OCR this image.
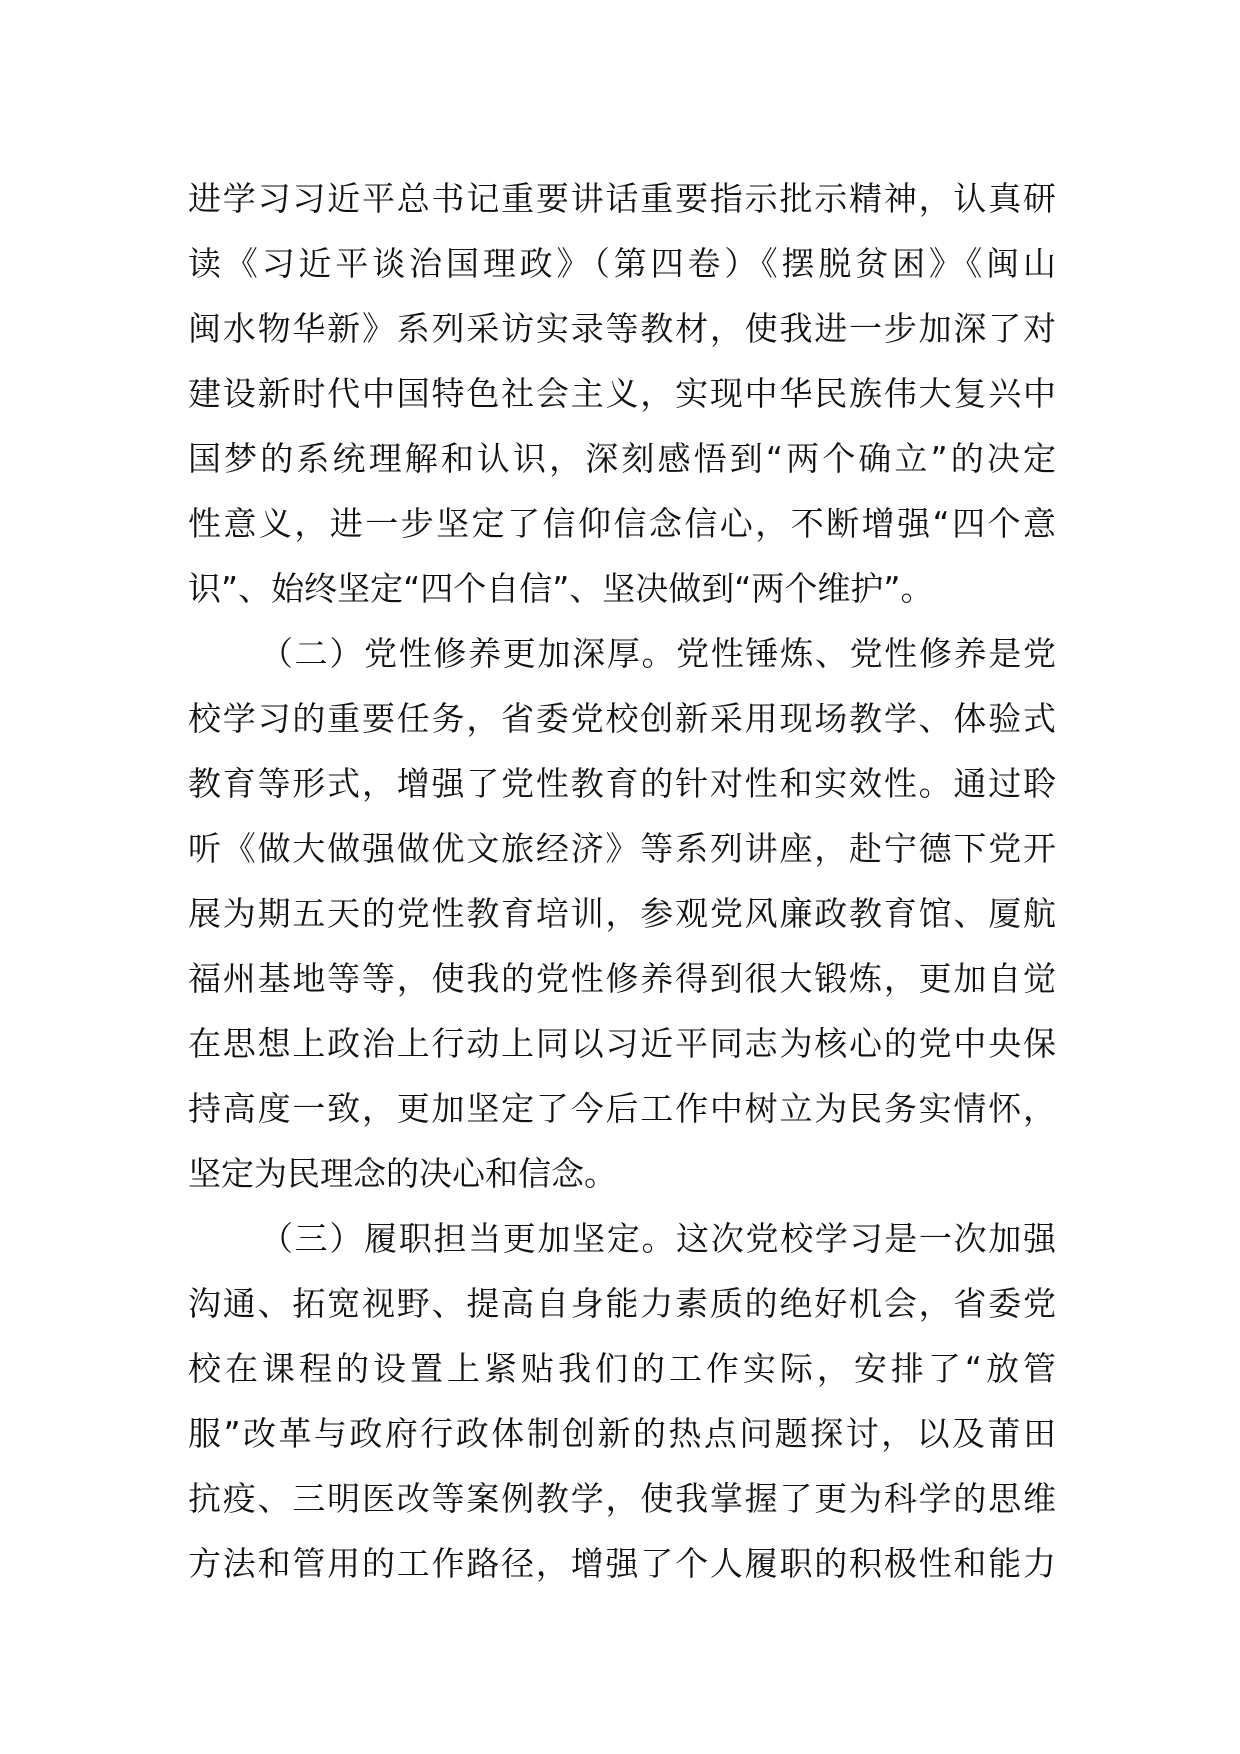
进学习习近平总书记重要讲话重要指示批示精神，认真研
读《习近平谈治国理政》（第四卷）《摆脱贫困》《闽山
闽水物华新》系列采访实录等教材，使我进一步加深了对
建设新时代中国特色社会主义，实现中华民族伟大复兴中
国梦的系统理解和认识，深刻感悟到“两个确立”的决定
性意义，进一步坚定了信仰信念信心，不断增强“四个意
识”、始终坚定“四个自信”、坚决做到“两个维护”。
（二）党性修养更加深厚。党性锤炼、党性修养是党
校学习的重要任务，省委党校创新采用现场教学、体验式
教育等形式，增强了党性教育的针对性和实效性。通过聆
听《做大做强做优文旅经济》等系列讲座，赴宁德下党开
展为期五天的党性教育培训，参观党风廉政教育馆、厦航
福州基地等等，使我的党性修养得到很大锻炼，更加自觉
在思想上政治上行动上同以习近平同志为核心的党中央保
持高度一致，更加坚定了今后工作中树立为民务实情怀，
坚定为民理念的决心和信念。
（三）履职担当更加坚定。这次党校学习是一次加强
沟通、拓宽视野、提高自身能力素质的绝好机会，省委党
校在课程的设置上紧贴我们的工作实际，安排了“放管
服”改革与政府行政体制创新的热点问题探讨，以及莆田
抗疫、三明医改等案例教学，使我掌握了更为科学的思维
方法和管用的工作路径，增强了个人履职的积极性和能力
